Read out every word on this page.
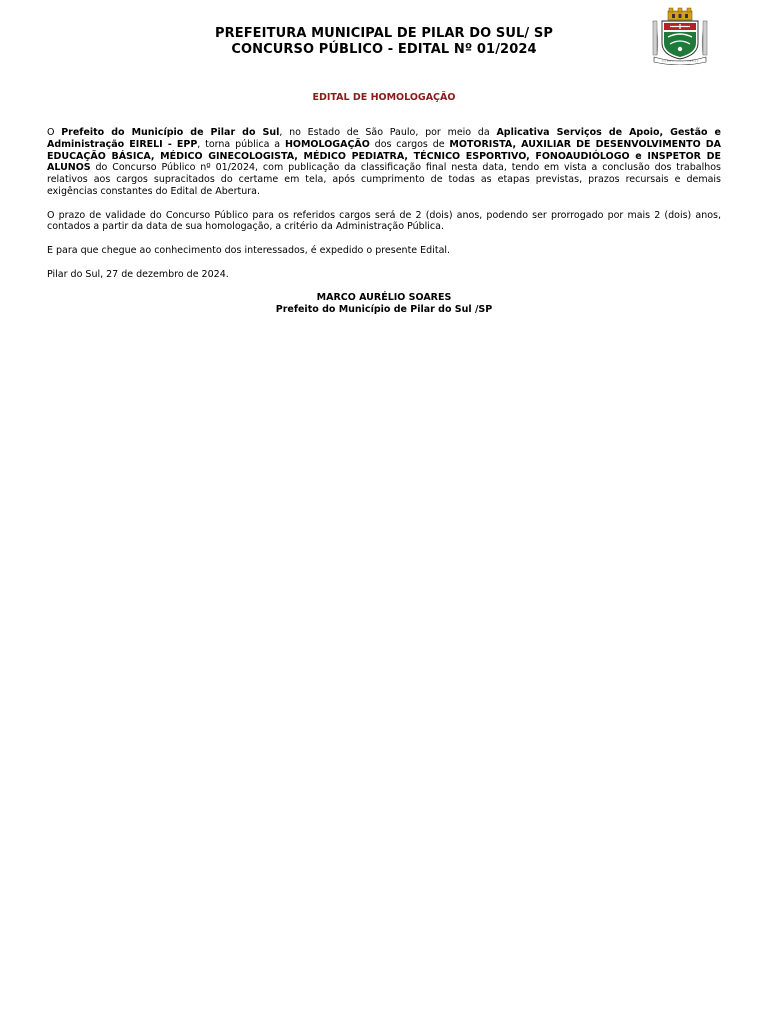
PREFEITURA MUNICIPAL DE PILAR DO SUL/ SP
CONCURSO PÚBLICO - EDITAL Nº 01/2024
EDITAL DE HOMOLOGAÇÃO

O Prefeito do Município de Pilar do Sul, no Estado de São Paulo, por meio da Aplicativa Serviços de Apoio, Gestão e Administração EIRELI - EPP, torna pública a HOMOLOGAÇÃO dos cargos de MOTORISTA, AUXILIAR DE DESENVOLVIMENTO DA EDUCAÇÃO BÁSICA, MÉDICO GINECOLOGISTA, MÉDICO PEDIATRA, TÉCNICO ESPORTIVO, FONOAUDIÓLOGO e INSPETOR DE ALUNOS do Concurso Público nº 01/2024, com publicação da classificação final nesta data, tendo em vista a conclusão dos trabalhos relativos aos cargos supracitados do certame em tela, após cumprimento de todas as etapas previstas, prazos recursais e demais exigências constantes do Edital de Abertura.

O prazo de validade do Concurso Público para os referidos cargos será de 2 (dois) anos, podendo ser prorrogado por mais 2 (dois) anos, contados a partir da data de sua homologação, a critério da Administração Pública.

E para que chegue ao conhecimento dos interessados, é expedido o presente Edital.

Pilar do Sul, 27 de dezembro de 2024.

MARCO AURÉLIO SOARES
Prefeito do Município de Pilar do Sul /SP
